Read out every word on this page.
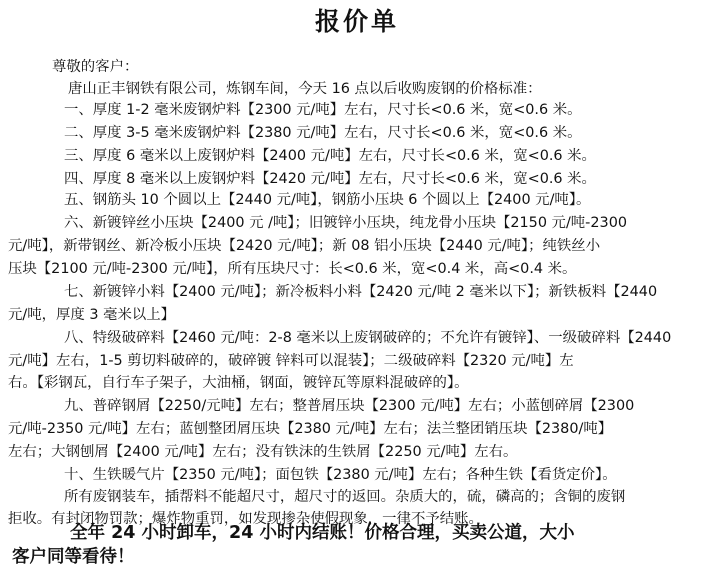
报价单
尊敬的客户：
唐山正丰钢铁有限公司，炼钢车间，今天 16 点以后收购废钢的价格标准：
一、厚度 1-2 毫米废钢炉料【2300 元/吨】左右，尺寸长<0.6 米，宽<0.6 米。
二、厚度 3-5 毫米废钢炉料【2380 元/吨】左右，尺寸长<0.6 米，宽<0.6 米。
三、厚度 6 毫米以上废钢炉料【2400 元/吨】左右，尺寸长<0.6 米，宽<0.6 米。
四、厚度 8 毫米以上废钢炉料【2420 元/吨】左右，尺寸长<0.6 米，宽<0.6 米。
五、钢筋头 10 个圆以上【2440 元/吨】，钢筋小压块 6 个圆以上【2400 元/吨】。
六、新镀锌丝小压块【2400 元 /吨】；旧镀锌小压块，纯龙骨小压块【2150 元/吨-2300
元/吨】，新带钢丝、新冷板小压块【2420 元/吨】；新 08 铝小压块【2440 元/吨】；纯铁丝小
压块【2100 元/吨-2300 元/吨】，所有压块尺寸：长<0.6 米，宽<0.4 米，高<0.4 米。
七、新镀锌小料【2400 元/吨】；新冷板料小料【2420 元/吨 2 毫米以下】；新铁板料【2440
元/吨，厚度 3 毫米以上】
八、特级破碎料【2460 元/吨：2-8 毫米以上废钢破碎的；不允许有镀锌】、一级破碎料【2440
元/吨】左右，1-5 剪切料破碎的，破碎镀 锌料可以混装】；二级破碎料【2320 元/吨】左
右。【彩钢瓦，自行车子架子，大油桶，钢面，镀锌瓦等原料混破碎的】。
九、普碎钢屑【2250/元吨】左右；整普屑压块【2300 元/吨】左右；小蓝刨碎屑【2300
元/吨-2350 元/吨】左右；蓝刨整团屑压块【2380 元/吨】左右；法兰整团销压块【2380/吨】
左右；大钢刨屑【2400 元/吨】左右；没有铁沫的生铁屑【2250 元/吨】左右。
十、生铁暖气片【2350 元/吨】；面包铁【2380 元/吨】左右；各种生铁【看货定价】。
所有废钢装车，插帮料不能超尺寸，超尺寸的返回。杂质大的，硫，磷高的；含铜的废钢
拒收。有封闭物罚款；爆炸物重罚，如发现掺杂使假现象，一律不予结账。
全年 24 小时卸车，24 小时内结账！价格合理，买卖公道，大小
客户同等看待！
